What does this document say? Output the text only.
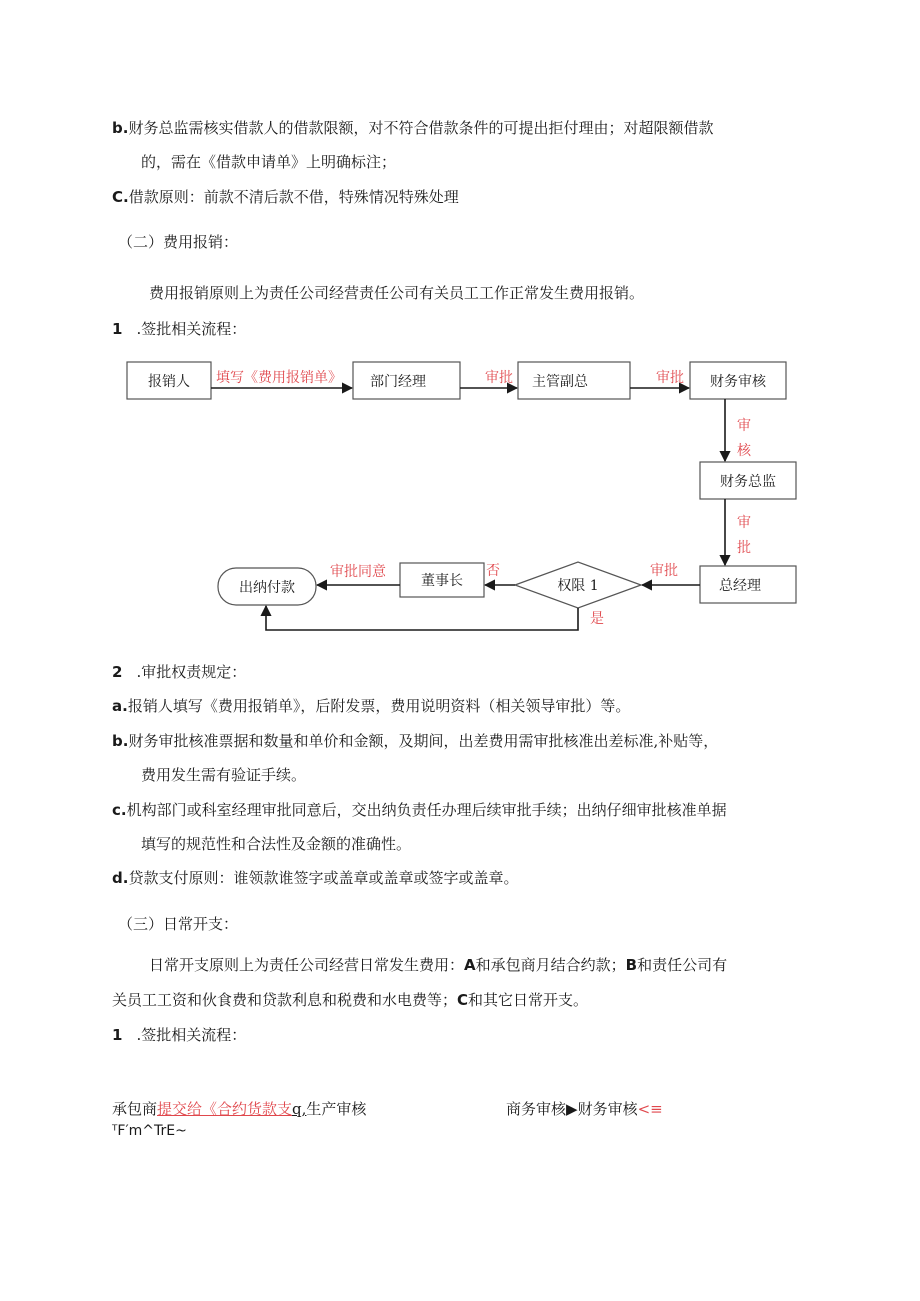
b.财务总监需核实借款人的借款限额，对不符合借款条件的可提出拒付理由；对超限额借款
的，需在《借款申请单》上明确标注；
C.借款原则：前款不清后款不借，特殊情况特殊处理
（二）费用报销：
费用报销原则上为责任公司经营责任公司有关员工工作正常发生费用报销。
1 .签批相关流程：
报销人	部门经理	主管副总	财务审核
财务总监
总经理
权限 1
董事长
出纳付款
填写《费用报销单》	审批	审批
审
核
审
批
审批
否
审批同意
是
2 .审批权责规定：
a.报销人填写《费用报销单》，后附发票，费用说明资料（相关领导审批）等。
b.财务审批核准票据和数量和单价和金额，及期间，出差费用需审批核准出差标准,补贴等，
费用发生需有验证手续。
c.机构部门或科室经理审批同意后，交出纳负责任办理后续审批手续；出纳仔细审批核准单据
填写的规范性和合法性及金额的准确性。
d.贷款支付原则：谁领款谁签字或盖章或盖章或签字或盖章。
（三）日常开支：
日常开支原则上为责任公司经营日常发生费用：A和承包商月结合约款；B和责任公司有
关员工工资和伙食费和贷款利息和税费和水电费等；C和其它日常开支。
1 .签批相关流程：
承包商提交给《合约货款支q,生产审核	商务审核▶财务审核<≡
ᵀF′m^TrE~
